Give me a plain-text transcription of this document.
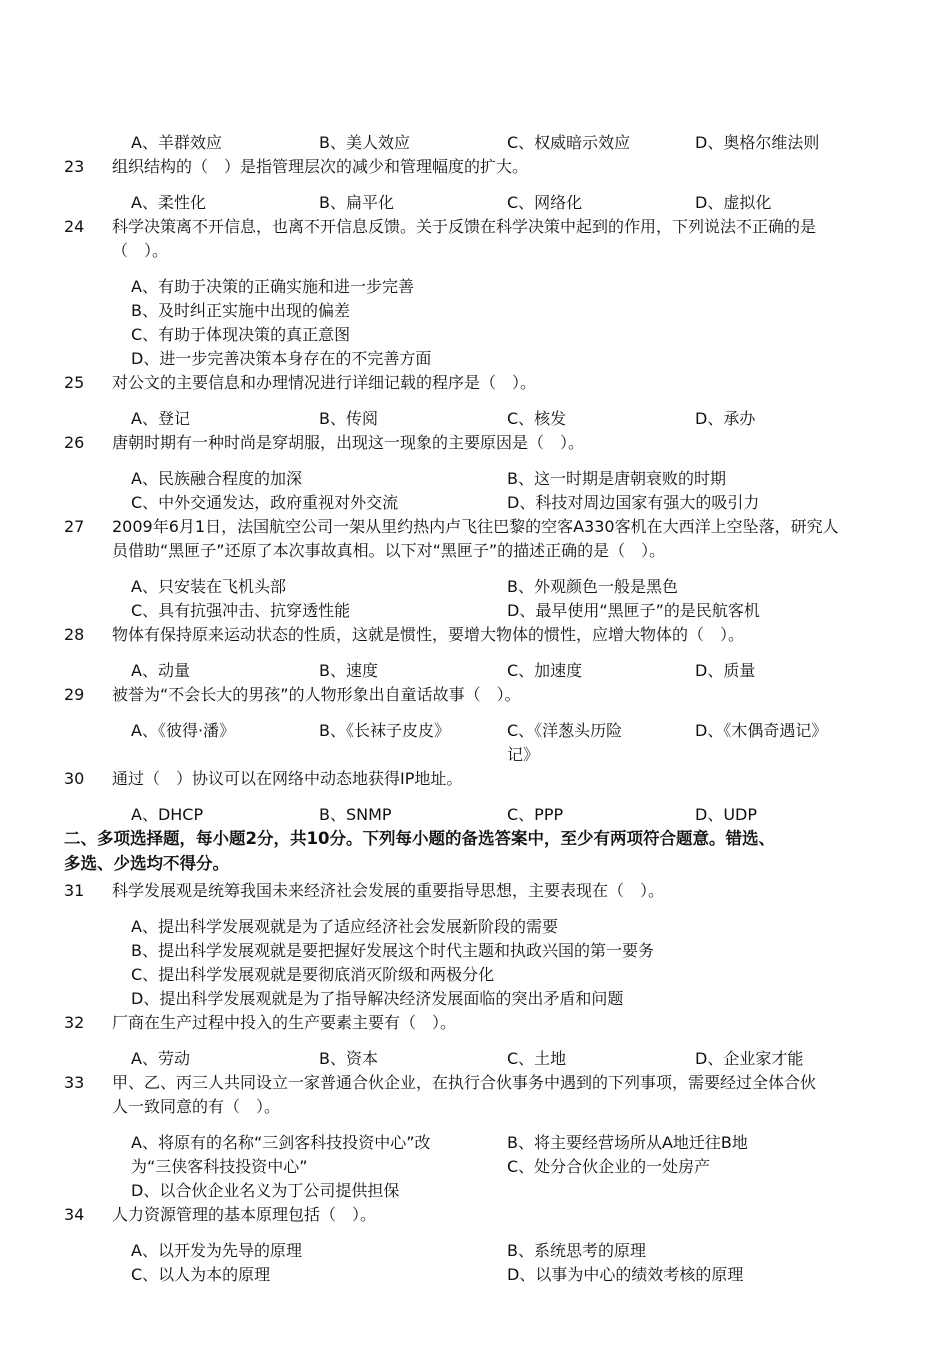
A、羊群效应	B、美人效应	C、权威暗示效应	D、奥格尔维法则
23 组织结构的（　）是指管理层次的减少和管理幅度的扩大。
A、柔性化	B、扁平化	C、网络化	D、虚拟化
24 科学决策离不开信息，也离不开信息反馈。关于反馈在科学决策中起到的作用，下列说法不正确的是
（　）。
A、有助于决策的正确实施和进一步完善
B、及时纠正实施中出现的偏差
C、有助于体现决策的真正意图
D、进一步完善决策本身存在的不完善方面
25 对公文的主要信息和办理情况进行详细记载的程序是（　）。
A、登记	B、传阅	C、核发	D、承办
26 唐朝时期有一种时尚是穿胡服，出现这一现象的主要原因是（　）。
A、民族融合程度的加深	B、这一时期是唐朝衰败的时期
C、中外交通发达，政府重视对外交流	D、科技对周边国家有强大的吸引力
27 2009年6月1日，法国航空公司一架从里约热内卢飞往巴黎的空客A330客机在大西洋上空坠落，研究人
员借助“黑匣子”还原了本次事故真相。以下对“黑匣子”的描述正确的是（　）。
A、只安装在飞机头部	B、外观颜色一般是黑色
C、具有抗强冲击、抗穿透性能	D、最早使用“黑匣子”的是民航客机
28 物体有保持原来运动状态的性质，这就是惯性，要增大物体的惯性，应增大物体的（　）。
A、动量	B、速度	C、加速度	D、质量
29 被誉为“不会长大的男孩”的人物形象出自童话故事（　）。
A、《彼得·潘》	B、《长袜子皮皮》	C、《洋葱头历险
记》
D、《木偶奇遇记》
30 通过（　）协议可以在网络中动态地获得IP地址。
A、DHCP	B、SNMP	C、PPP	D、UDP
二、多项选择题，每小题2分，共10分。下列每小题的备选答案中，至少有两项符合题意。错选、
多选、少选均不得分。
31 科学发展观是统筹我国未来经济社会发展的重要指导思想，主要表现在（　）。
A、提出科学发展观就是为了适应经济社会发展新阶段的需要
B、提出科学发展观就是要把握好发展这个时代主题和执政兴国的第一要务
C、提出科学发展观就是要彻底消灭阶级和两极分化
D、提出科学发展观就是为了指导解决经济发展面临的突出矛盾和问题
32 厂商在生产过程中投入的生产要素主要有（　）。
A、劳动	B、资本	C、土地	D、企业家才能
33 甲、乙、丙三人共同设立一家普通合伙企业，在执行合伙事务中遇到的下列事项，需要经过全体合伙
人一致同意的有（　）。
A、将原有的名称“三剑客科技投资中心”改
为“三侠客科技投资中心”
B、将主要经营场所从A地迁往B地
C、处分合伙企业的一处房产
D、以合伙企业名义为丁公司提供担保
34 人力资源管理的基本原理包括（　）。
A、以开发为先导的原理	B、系统思考的原理
C、以人为本的原理	D、以事为中心的绩效考核的原理
